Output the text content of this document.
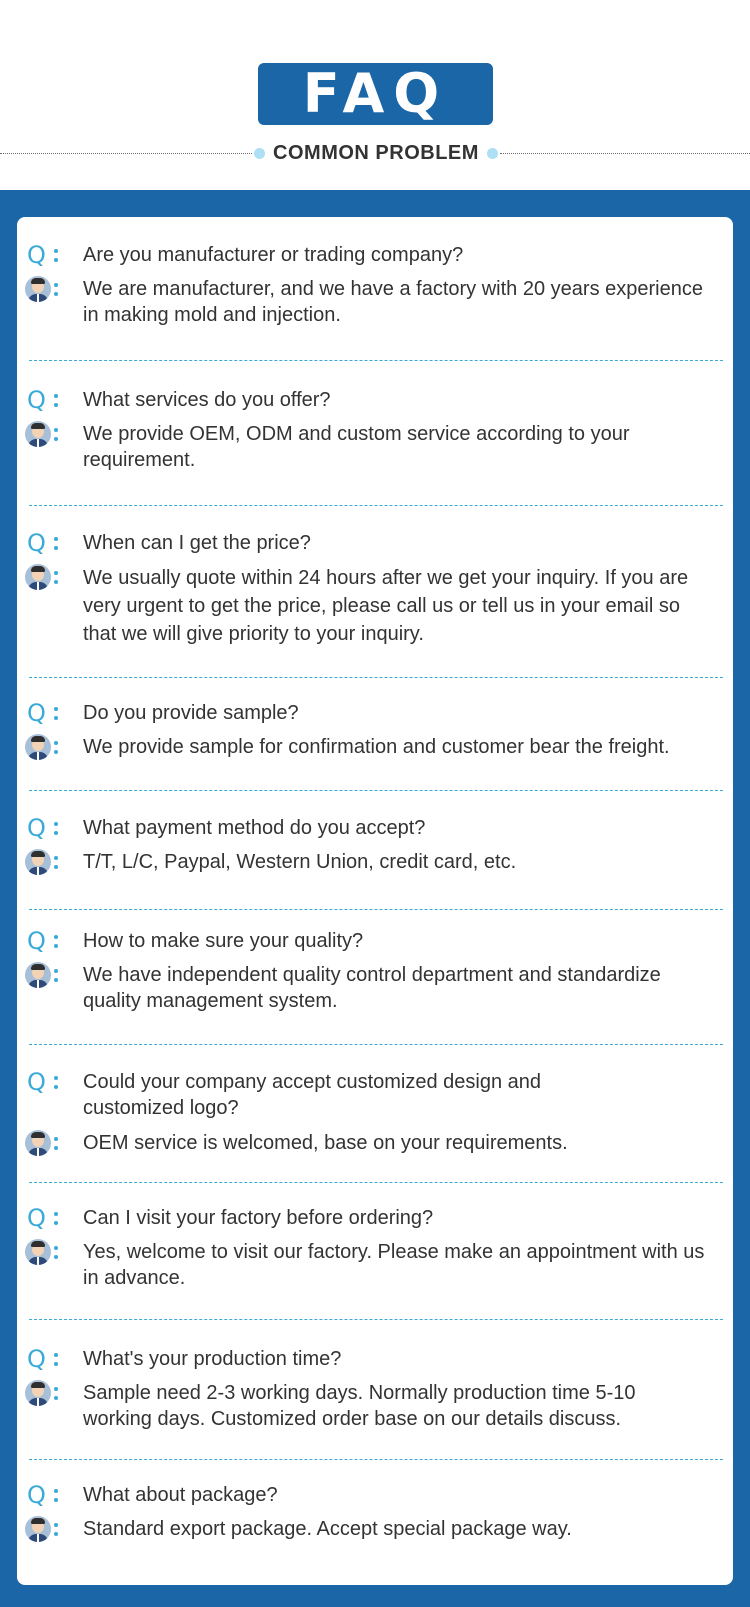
FAQ
COMMON PROBLEM
Q Are you manufacturer or trading company?
We are manufacturer, and we have a factory with 20 years experience in making mold and injection.
Q What services do you offer?
We provide OEM, ODM and custom service according to your requirement.
Q When can I get the price?
We usually quote within 24 hours after we get your inquiry. If you are very urgent to get the price, please call us or tell us in your email so that we will give priority to your inquiry.
Q Do you provide sample?
We provide sample for confirmation and customer bear the freight.
Q What payment method do you accept?
T/T, L/C, Paypal, Western Union, credit card, etc.
Q How to make sure your quality?
We have independent quality control department and standardize quality management system.
Q Could your company accept customized design and customized logo?
OEM service is welcomed, base on your requirements.
Q Can I visit your factory before ordering?
Yes, welcome to visit our factory. Please make an appointment with us in advance.
Q What's your production time?
Sample need 2-3 working days. Normally production time 5-10 working days. Customized order base on our details discuss.
Q What about package?
Standard export package. Accept special package way.
